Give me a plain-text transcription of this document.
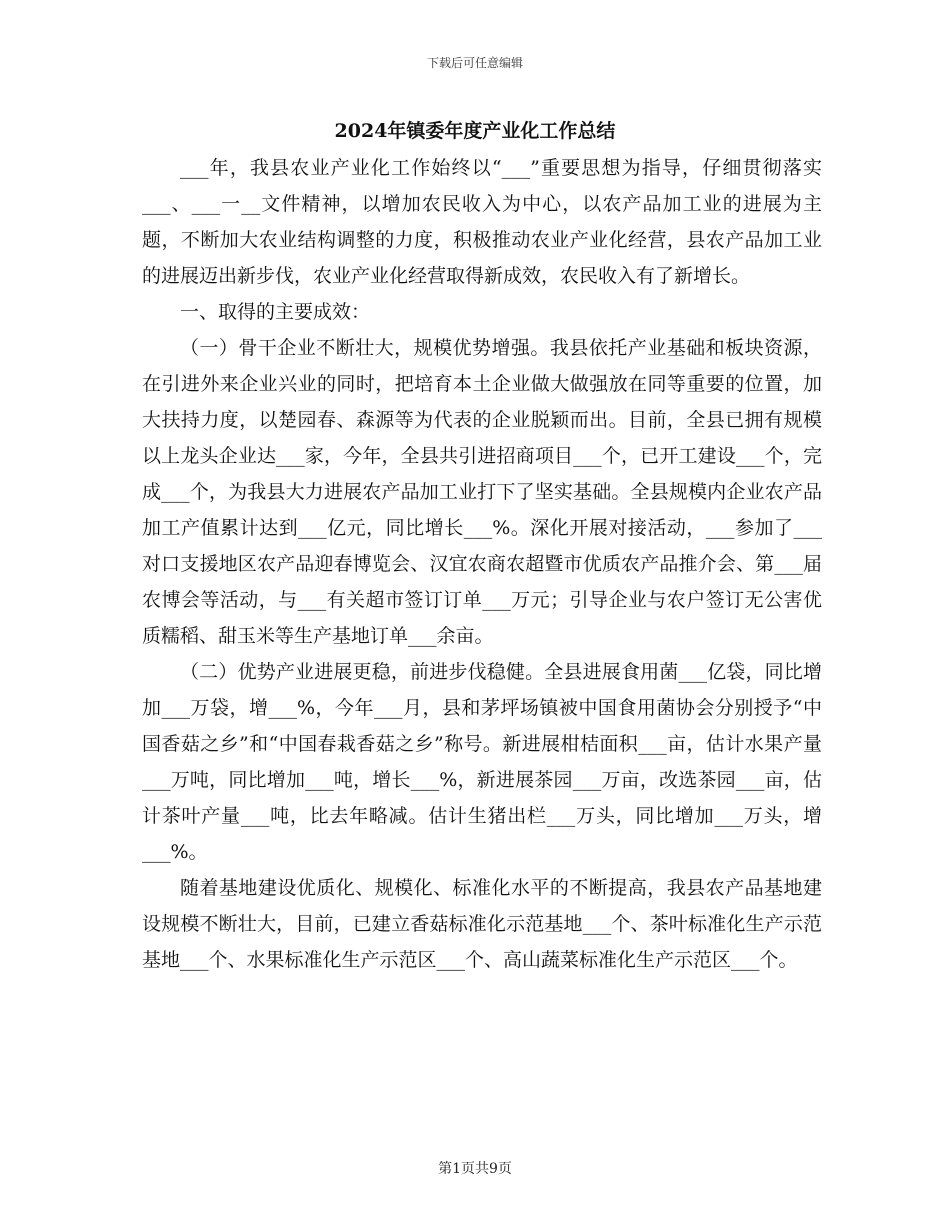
下载后可任意编辑
2024年镇委年度产业化工作总结

___年，我县农业产业化工作始终以“___”重要思想为指导，仔细贯彻落实___、___一__文件精神，以增加农民收入为中心，以农产品加工业的进展为主题，不断加大农业结构调整的力度，积极推动农业产业化经营，县农产品加工业的进展迈出新步伐，农业产业化经营取得新成效，农民收入有了新增长。

一、取得的主要成效：

（一）骨干企业不断壮大，规模优势增强。我县依托产业基础和板块资源，在引进外来企业兴业的同时，把培育本土企业做大做强放在同等重要的位置，加大扶持力度，以楚园春、森源等为代表的企业脱颖而出。目前，全县已拥有规模以上龙头企业达___家，今年，全县共引进招商项目___个，已开工建设___个，完成___个，为我县大力进展农产品加工业打下了坚实基础。全县规模内企业农产品加工产值累计达到___亿元，同比增长___%。深化开展对接活动，___参加了___对口支援地区农产品迎春博览会、汉宜农商农超暨市优质农产品推介会、第___届农博会等活动，与___有关超市签订订单___万元；引导企业与农户签订无公害优质糯稻、甜玉米等生产基地订单___余亩。

（二）优势产业进展更稳，前进步伐稳健。全县进展食用菌___亿袋，同比增加___万袋，增___%，今年___月，县和茅坪场镇被中国食用菌协会分别授予“中国香菇之乡”和“中国春栽香菇之乡”称号。新进展柑桔面积___亩，估计水果产量___万吨，同比增加___吨，增长___%，新进展茶园___万亩，改选茶园___亩，估计茶叶产量___吨，比去年略减。估计生猪出栏___万头，同比增加___万头，增___%。

随着基地建设优质化、规模化、标准化水平的不断提高，我县农产品基地建设规模不断壮大，目前，已建立香菇标准化示范基地___个、茶叶标准化生产示范基地___个、水果标准化生产示范区___个、高山蔬菜标准化生产示范区___个。

第1页共9页
